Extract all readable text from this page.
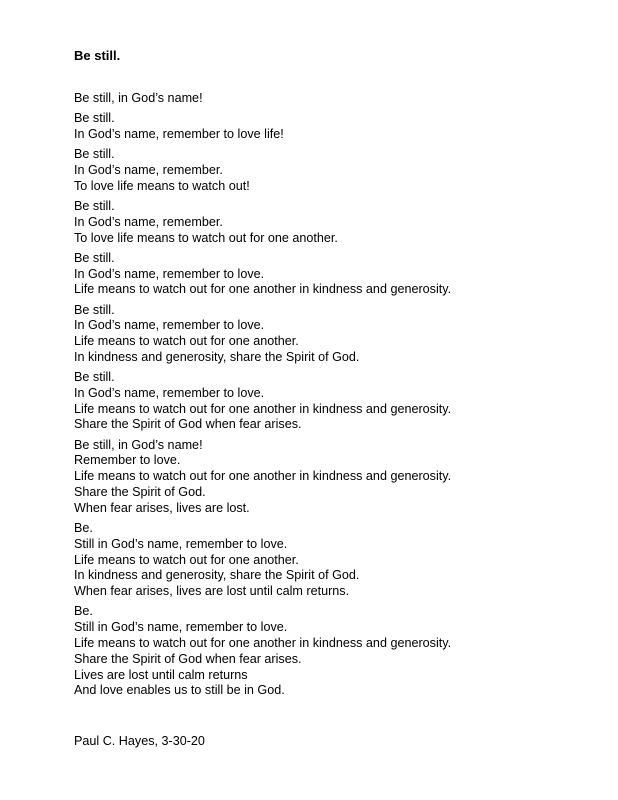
Be still.
Be still, in God’s name!
Be still.
In God’s name, remember to love life!
Be still.
In God’s name, remember.
To love life means to watch out!
Be still.
In God’s name, remember.
To love life means to watch out for one another.
Be still.
In God’s name, remember to love.
Life means to watch out for one another in kindness and generosity.
Be still.
In God’s name, remember to love.
Life means to watch out for one another.
In kindness and generosity, share the Spirit of God.
Be still.
In God’s name, remember to love.
Life means to watch out for one another in kindness and generosity.
Share the Spirit of God when fear arises.
Be still, in God’s name!
Remember to love.
Life means to watch out for one another in kindness and generosity.
Share the Spirit of God.
When fear arises, lives are lost.
Be.
Still in God’s name, remember to love.
Life means to watch out for one another.
In kindness and generosity, share the Spirit of God.
When fear arises, lives are lost until calm returns.
Be.
Still in God’s name, remember to love.
Life means to watch out for one another in kindness and generosity.
Share the Spirit of God when fear arises.
Lives are lost until calm returns
And love enables us to still be in God.

Paul C. Hayes, 3-30-20
